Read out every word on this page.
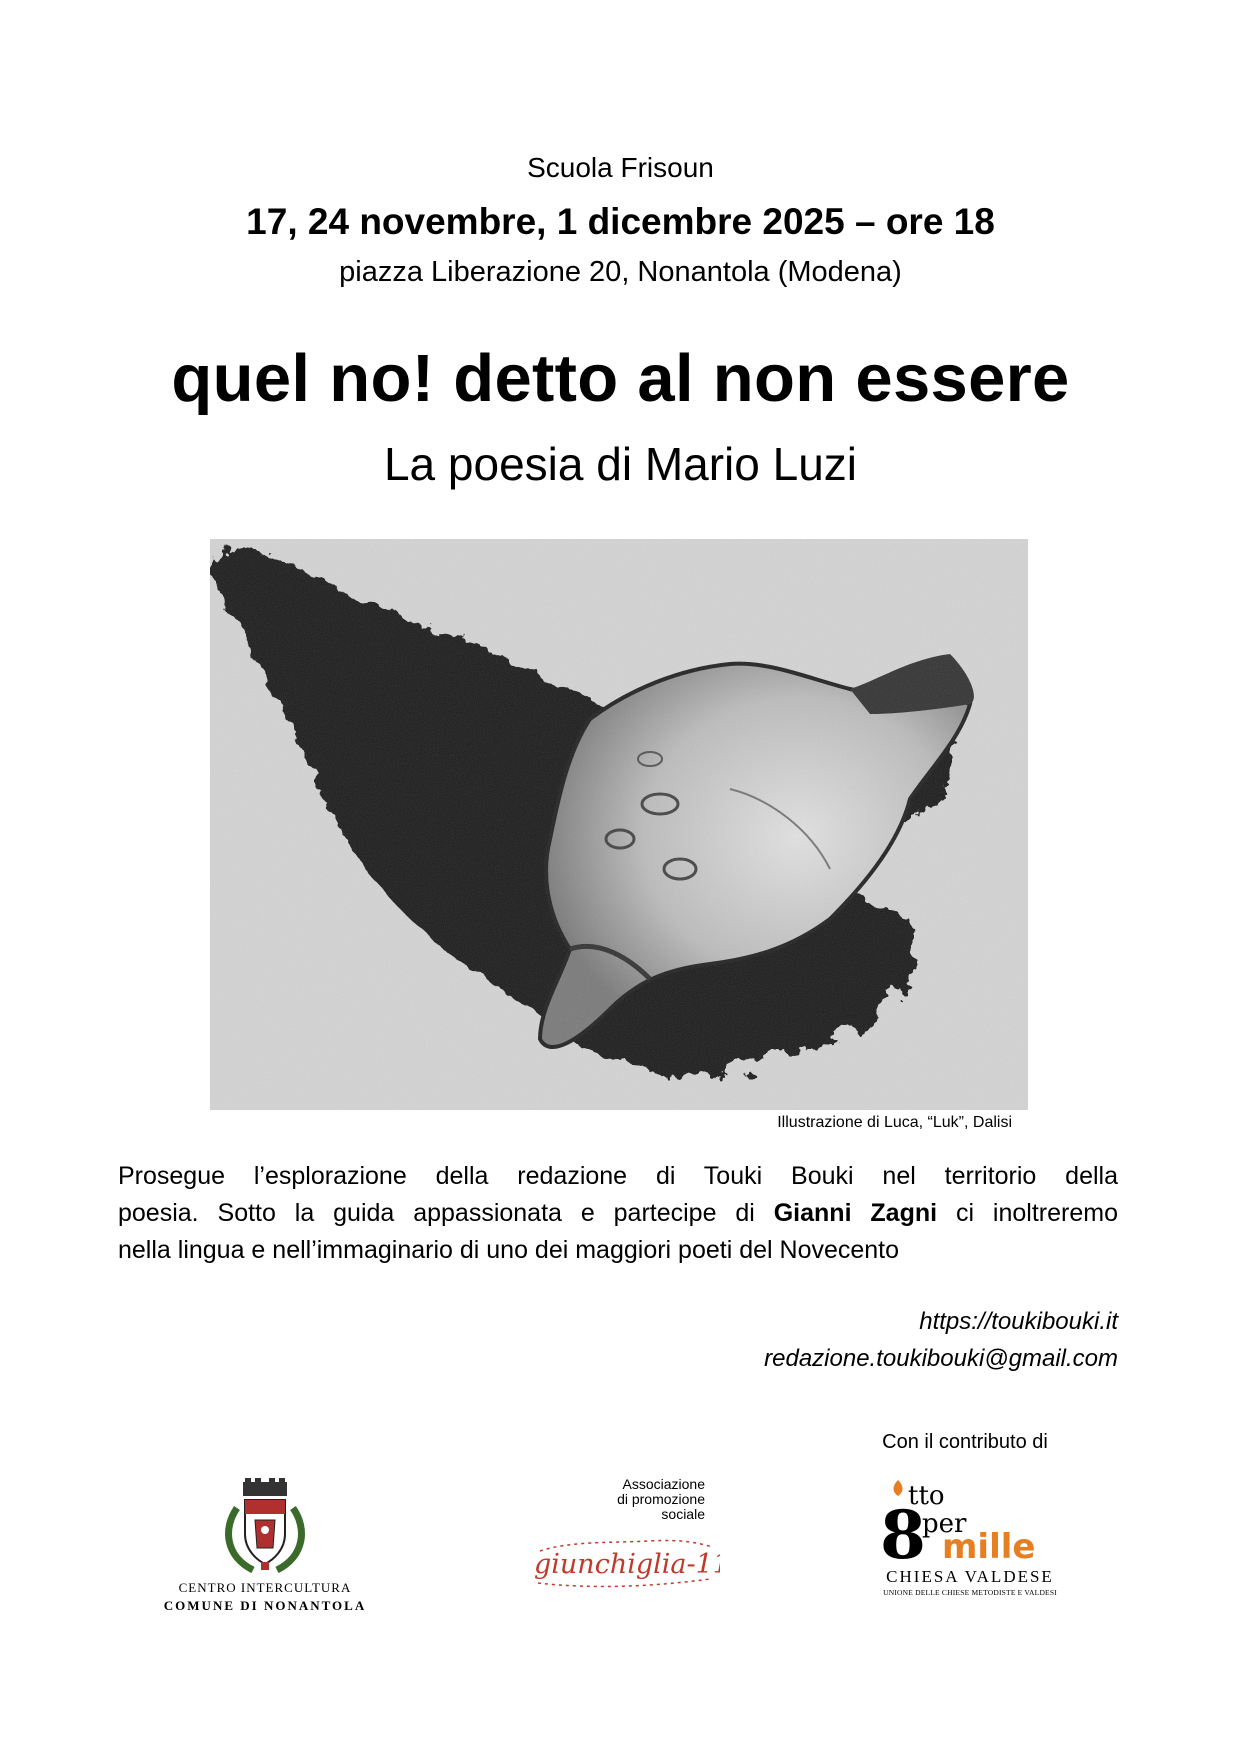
Scuola Frisoun
17, 24 novembre, 1 dicembre 2025 – ore 18
piazza Liberazione 20, Nonantola (Modena)
quel no! detto al non essere
La poesia di Mario Luzi
Illustrazione di Luca, “Luk”, Dalisi
Prosegue l’esplorazione della redazione di Touki Bouki nel territorio della
poesia. Sotto la guida appassionata e partecipe di Gianni Zagni ci inoltreremo
nella lingua e nell’immaginario di uno dei maggiori poeti del Novecento
https://toukibouki.it
redazione.toukibouki@gmail.com
Con il contributo di
CENTRO INTERCULTURA
COMUNE DI NONANTOLA
Associazione
di promozione
sociale
giunchiglia-11 8
tto
per
mille
CHIESA VALDESE
UNIONE DELLE CHIESE METODISTE E VALDESI
